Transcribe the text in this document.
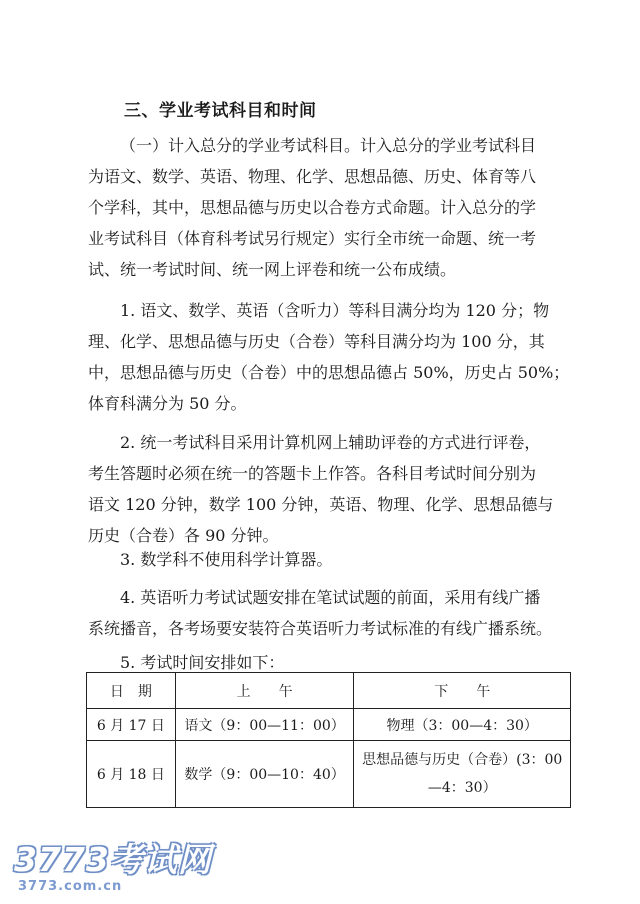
三、学业考试科目和时间

（一）计入总分的学业考试科目。计入总分的学业考试科目
为语文、数学、英语、物理、化学、思想品德、历史、体育等八
个学科，其中，思想品德与历史以合卷方式命题。计入总分的学
业考试科目（体育科考试另行规定）实行全市统一命题、统一考
试、统一考试时间、统一网上评卷和统一公布成绩。

1. 语文、数学、英语（含听力）等科目满分均为 120 分；物
理、化学、思想品德与历史（合卷）等科目满分均为 100 分，其
中，思想品德与历史（合卷）中的思想品德占 50%，历史占 50%；
体育科满分为 50 分。

2. 统一考试科目采用计算机网上辅助评卷的方式进行评卷，
考生答题时必须在统一的答题卡上作答。各科目考试时间分别为
语文 120 分钟，数学 100 分钟，英语、物理、化学、思想品德与
历史（合卷）各 90 分钟。

3. 数学科不使用科学计算器。

4. 英语听力考试试题安排在笔试试题的前面，采用有线广播
系统播音，各考场要安装符合英语听力考试标准的有线广播系统。

5. 考试时间安排如下：

日　期	上　　午	下　　午
6 月 17 日	语文（9：00—11：00）	物理（3：00—4：30）
6 月 18 日	数学（9：00—10：40）	思想品德与历史（合卷）(3：00
—4：30）
3773考试网
3773.com.cn
